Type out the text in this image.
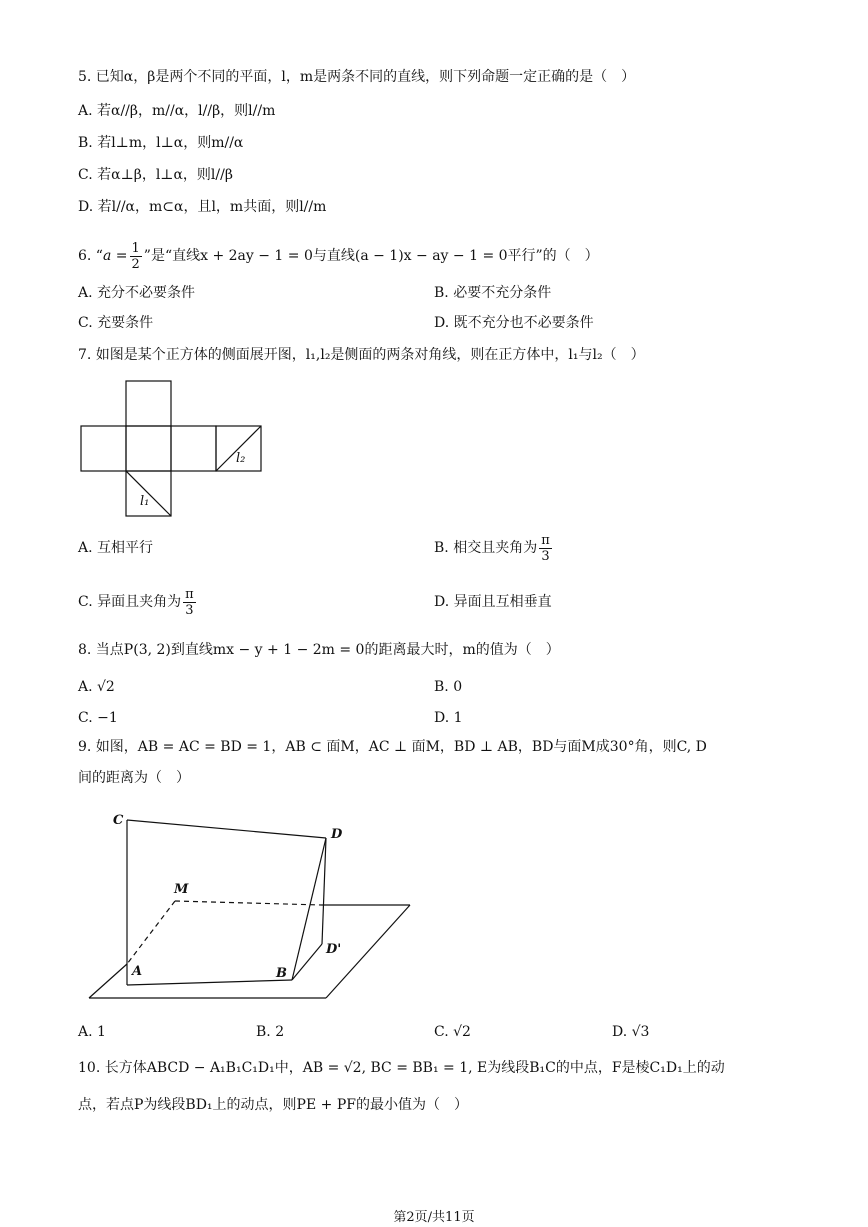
5. 已知α，β是两个不同的平面，l，m是两条不同的直线，则下列命题一定正确的是（　）
A. 若α//β，m//α，l//β，则l//m
B. 若l⊥m，l⊥α，则m//α
C. 若α⊥β，l⊥α，则l//β
D. 若l//α，m⊂α，且l，m共面，则l//m
6. “$a = \frac{1}{2}$ ”是“直线x + 2ay − 1 = 0与直线(a − 1)x − ay − 1 = 0平行”的（　）
A. 充分不必要条件	B. 必要不充分条件
C. 充要条件	D. 既不充分也不必要条件
7. 如图是某个正方体的侧面展开图，l₁,l₂是侧面的两条对角线，则在正方体中，l₁与l₂（　）
l₂
l₁
A. 互相平行	B. 相交且夹角为 $\frac{\pi}{3}$
C. 异面且夹角为 $\frac{\pi}{3}$	D. 异面且互相垂直
8. 当点P(3, 2)到直线mx − y + 1 − 2m = 0的距离最大时，m的值为（　）
A. √2	B. 0
C. −1	D. 1
9. 如图，AB = AC = BD = 1，AB ⊂ 面M，AC ⊥ 面M，BD ⊥ AB，BD与面M成30°角，则C, D
间的距离为（　）
C
D
M
A	B
D'
A. 1	B. 2	C. √2	D. √3
10. 长方体ABCD − A₁B₁C₁D₁中，AB = √2, BC = BB₁ = 1, E为线段B₁C的中点，F是棱C₁D₁上的动
点，若点P为线段BD₁上的动点，则PE + PF的最小值为（　）
第2页/共11页
